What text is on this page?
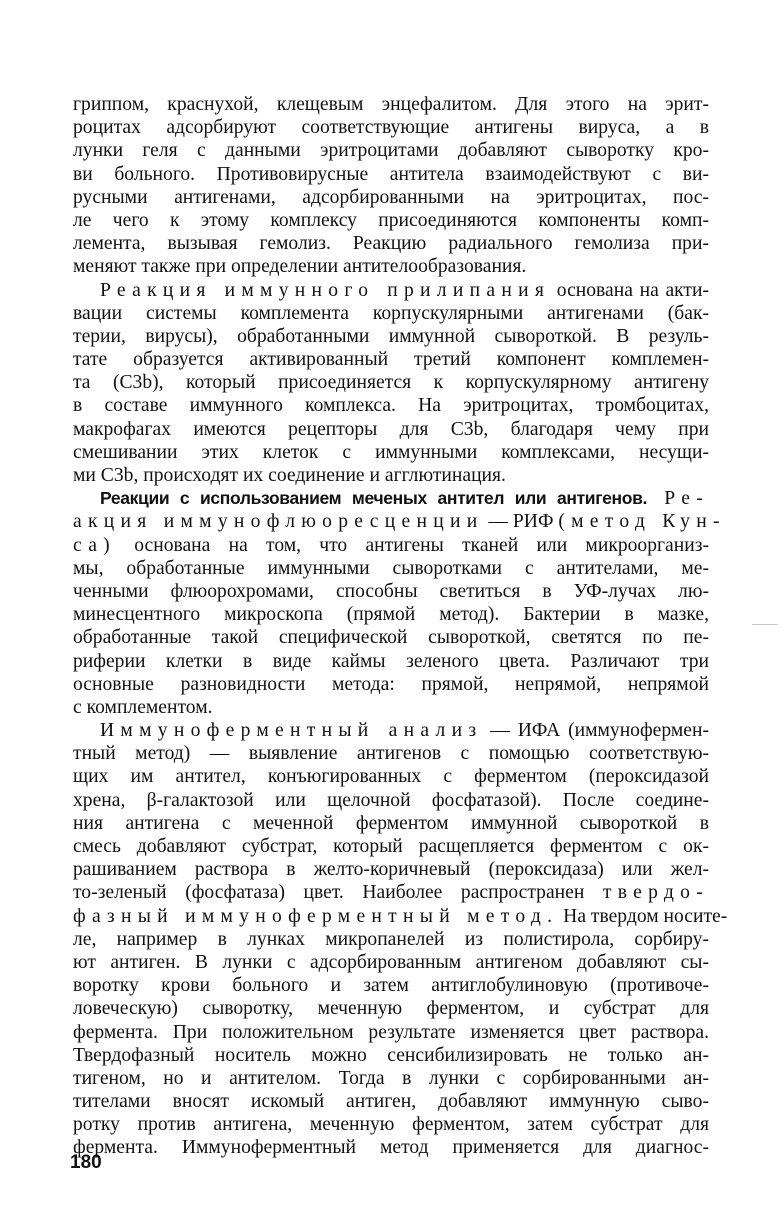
гриппом, краснухой, клещевым энцефалитом. Для этого на эрит-
роцитах адсорбируют соответствующие антигены вируса, а в
лунки геля с данными эритроцитами добавляют сыворотку кро-
ви больного. Противовирусные антитела взаимодействуют с ви-
русными антигенами, адсорбированными на эритроцитах, пос-
ле чего к этому комплексу присоединяются компоненты комп-
лемента, вызывая гемолиз. Реакцию радиального гемолиза при-
меняют также при определении антителообразования.
Реакция иммунного прилипания основана на акти-
вации системы комплемента корпускулярными антигенами (бак-
терии, вирусы), обработанными иммунной сывороткой. В резуль-
тате образуется активированный третий компонент комплемен-
та (C3b), который присоединяется к корпускулярному антигену
в составе иммунного комплекса. На эритроцитах, тромбоцитах,
макрофагах имеются рецепторы для C3b, благодаря чему при
смешивании этих клеток с иммунными комплексами, несущи-
ми C3b, происходят их соединение и агглютинация.
Реакции с использованием меченых антител или антигенов. Ре-
акция иммунофлюоресценции — РИФ (метод Кун-
са) основана на том, что антигены тканей или микроорганиз-
мы, обработанные иммунными сыворотками с антителами, ме-
ченными флюорохромами, способны светиться в УФ-лучах лю-
минесцентного микроскопа (прямой метод). Бактерии в мазке,
обработанные такой специфической сывороткой, светятся по пе-
риферии клетки в виде каймы зеленого цвета. Различают три
основные разновидности метода: прямой, непрямой, непрямой
с комплементом.
Иммуноферментный анализ — ИФА (иммунофермен-
тный метод) — выявление антигенов с помощью соответствую-
щих им антител, конъюгированных с ферментом (пероксидазой
хрена, β-галактозой или щелочной фосфатазой). После соедине-
ния антигена с меченной ферментом иммунной сывороткой в
смесь добавляют субстрат, который расщепляется ферментом с ок-
рашиванием раствора в желто-коричневый (пероксидаза) или жел-
то-зеленый (фосфатаза) цвет. Наиболее распространен твердо-
фазный иммуноферментный метод. На твердом носите-
ле, например в лунках микропанелей из полистирола, сорбиру-
ют антиген. В лунки с адсорбированным антигеном добавляют сы-
воротку крови больного и затем антиглобулиновую (противоче-
ловеческую) сыворотку, меченную ферментом, и субстрат для
фермента. При положительном результате изменяется цвет раствора.
Твердофазный носитель можно сенсибилизировать не только ан-
тигеном, но и антителом. Тогда в лунки с сорбированными ан-
тителами вносят искомый антиген, добавляют иммунную сыво-
ротку против антигена, меченную ферментом, затем субстрат для
фермента. Иммуноферментный метод применяется для диагнос-
180
